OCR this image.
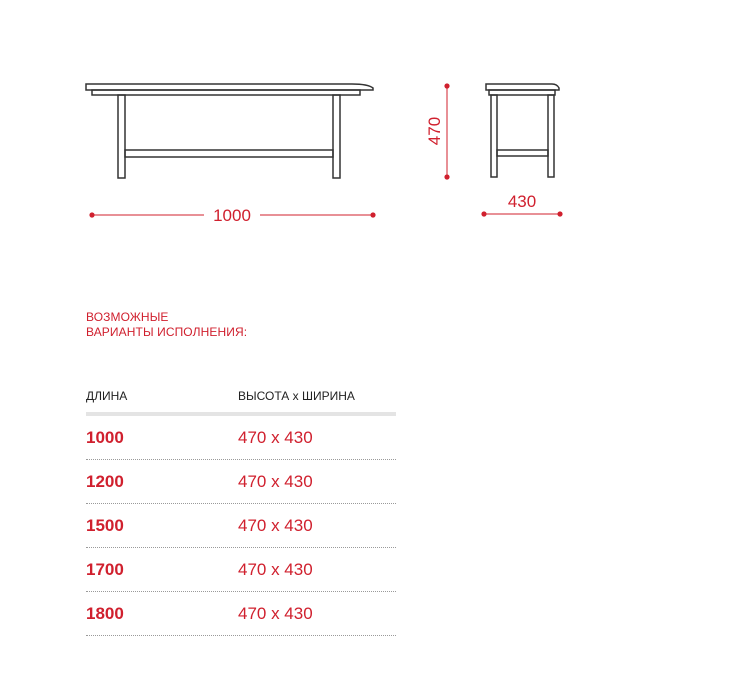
1000
470
430
ВОЗМОЖНЫЕ
ВАРИАНТЫ ИСПОЛНЕНИЯ:
ДЛИНА	ВЫСОТА х ШИРИНА
1000	470 х 430
1200	470 х 430
1500	470 х 430
1700	470 х 430
1800	470 х 430
